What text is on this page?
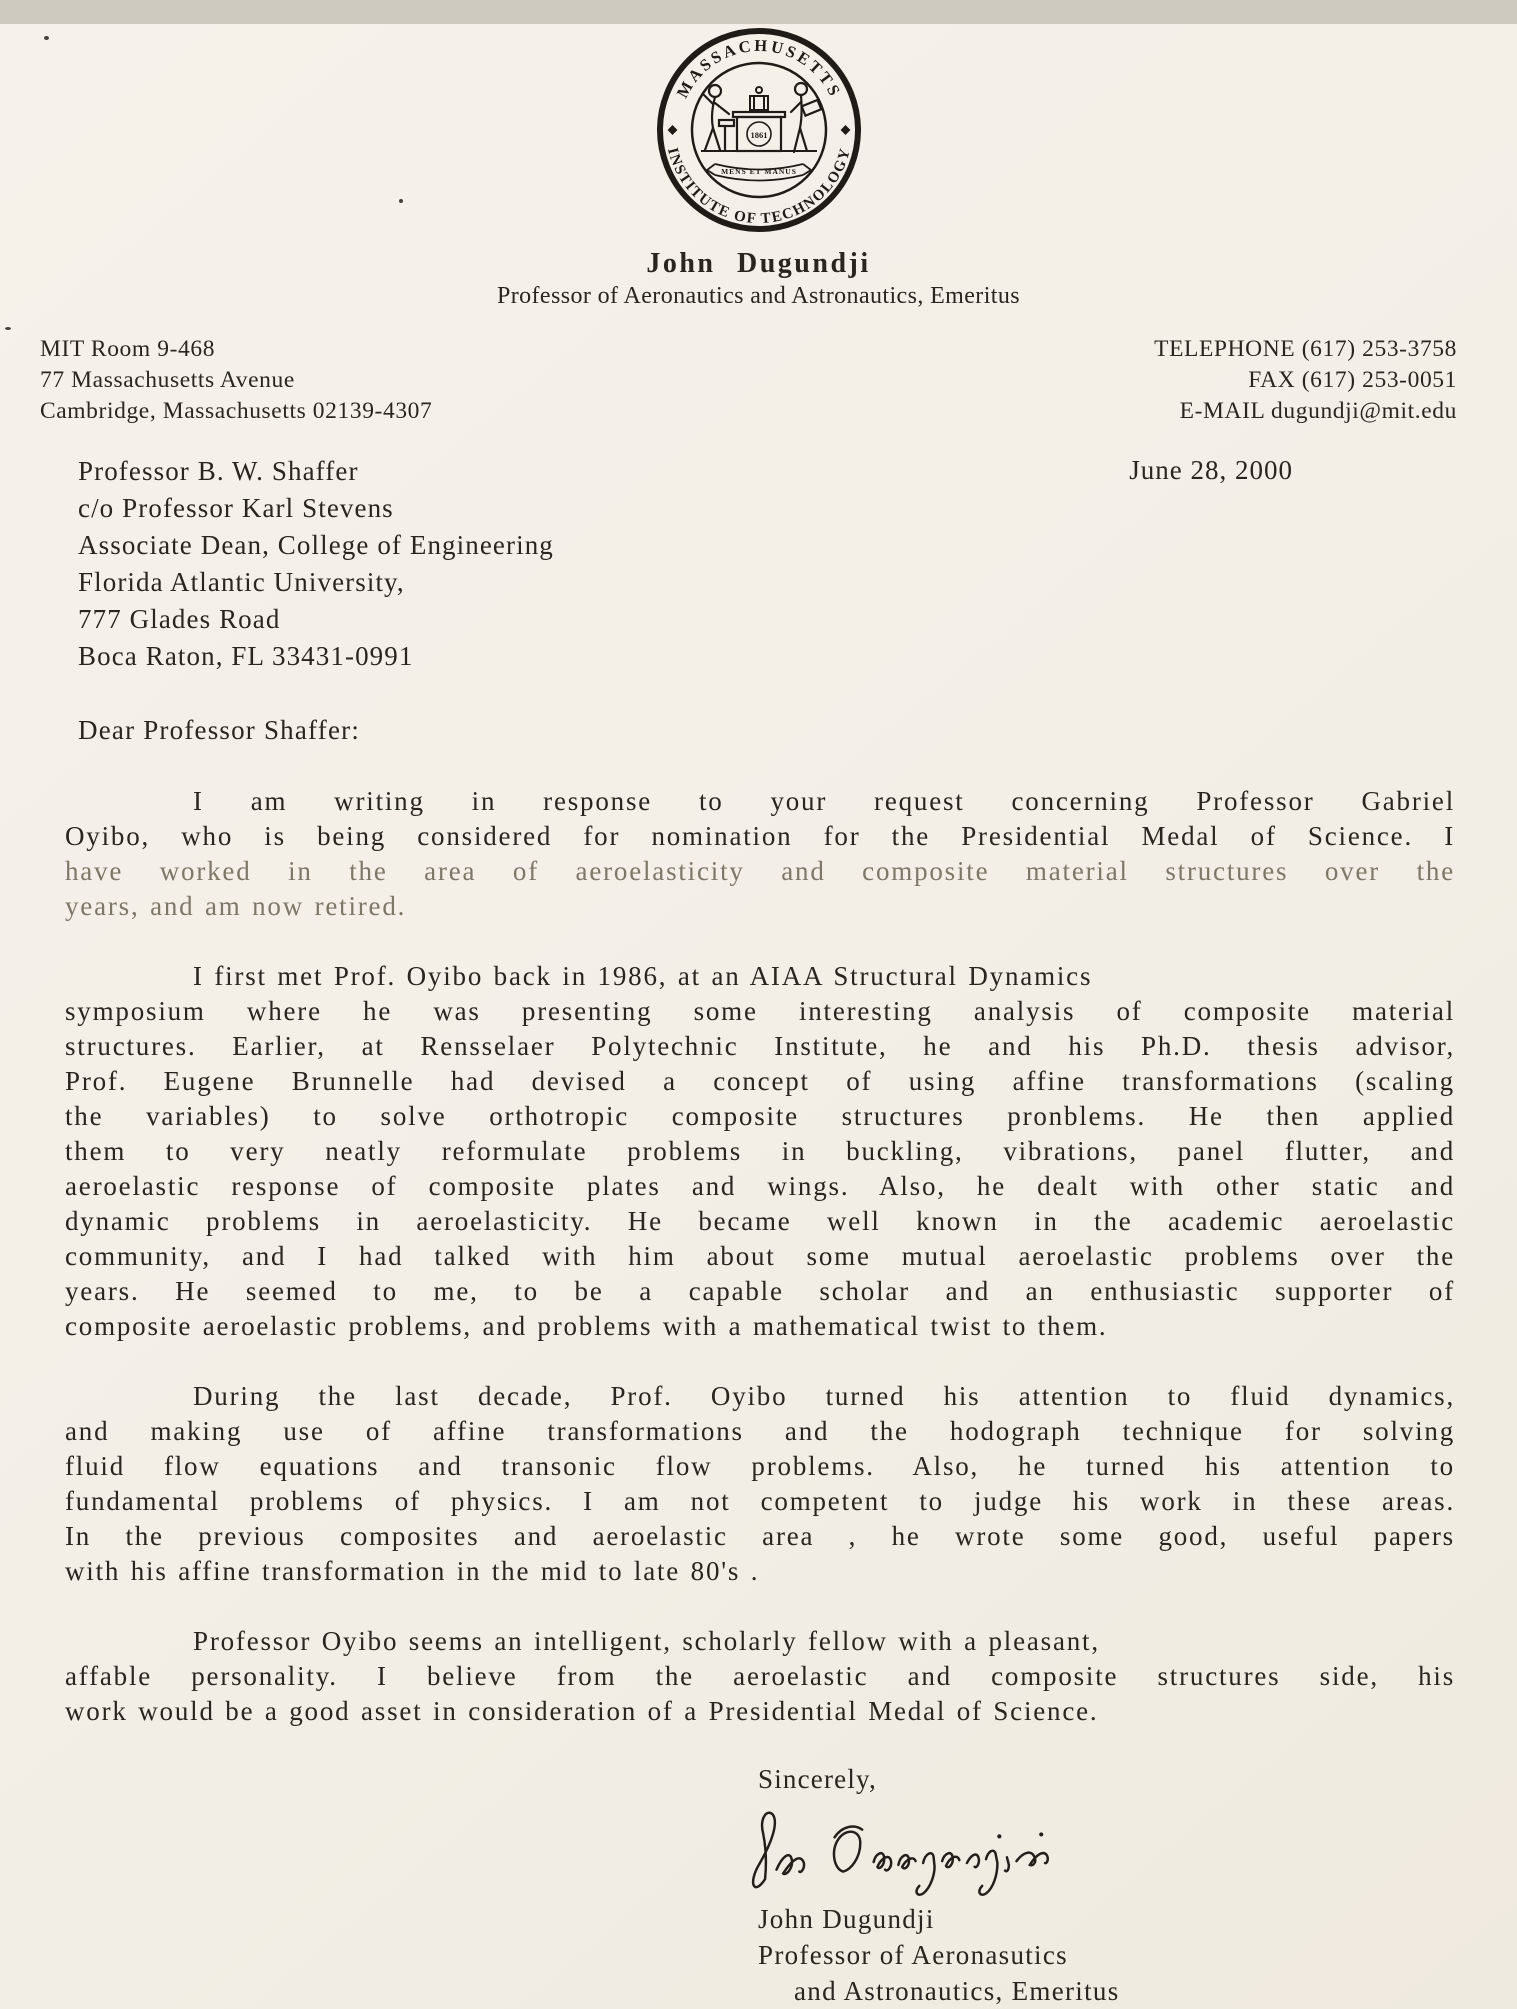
MASSACHUSETTS
INSTITUTE OF TECHNOLOGY
1861
MENS ET MANUS
John Dugundji
Professor of Aeronautics and Astronautics, Emeritus
MIT Room 9-468
77 Massachusetts Avenue
Cambridge, Massachusetts 02139-4307
TELEPHONE (617) 253-3758
FAX (617) 253-0051
E-MAIL dugundji@mit.edu
Professor B. W. Shaffer
c/o Professor Karl Stevens
Associate Dean, College of Engineering
Florida Atlantic University,
777 Glades Road
Boca Raton, FL 33431-0991
June 28, 2000
Dear Professor Shaffer:
I am writing in response to your request concerning Professor Gabriel
Oyibo, who is being considered for nomination for the Presidential Medal of Science. I
have worked in the area of aeroelasticity and composite material structures over the
years, and am now retired.
I first met Prof. Oyibo back in 1986, at an AIAA Structural Dynamics
symposium where he was presenting some interesting analysis of composite material
structures. Earlier, at Rensselaer Polytechnic Institute, he and his Ph.D. thesis advisor,
Prof. Eugene Brunnelle had devised a concept of using affine transformations (scaling
the variables) to solve orthotropic composite structures pronblems. He then applied
them to very neatly reformulate problems in buckling, vibrations, panel flutter, and
aeroelastic response of composite plates and wings. Also, he dealt with other static and
dynamic problems in aeroelasticity. He became well known in the academic aeroelastic
community, and I had talked with him about some mutual aeroelastic problems over the
years. He seemed to me, to be a capable scholar and an enthusiastic supporter of
composite aeroelastic problems, and problems with a mathematical twist to them.
During the last decade, Prof. Oyibo turned his attention to fluid dynamics,
and making use of affine transformations and the hodograph technique for solving
fluid flow equations and transonic flow problems. Also, he turned his attention to
fundamental problems of physics. I am not competent to judge his work in these areas.
In the previous composites and aeroelastic area , he wrote some good, useful papers
with his affine transformation in the mid to late 80's .
Professor Oyibo seems an intelligent, scholarly fellow with a pleasant,
affable personality. I believe from the aeroelastic and composite structures side, his
work would be a good asset in consideration of a Presidential Medal of Science.
Sincerely,
John Dugundji
Professor of Aeronasutics
and Astronautics, Emeritus
